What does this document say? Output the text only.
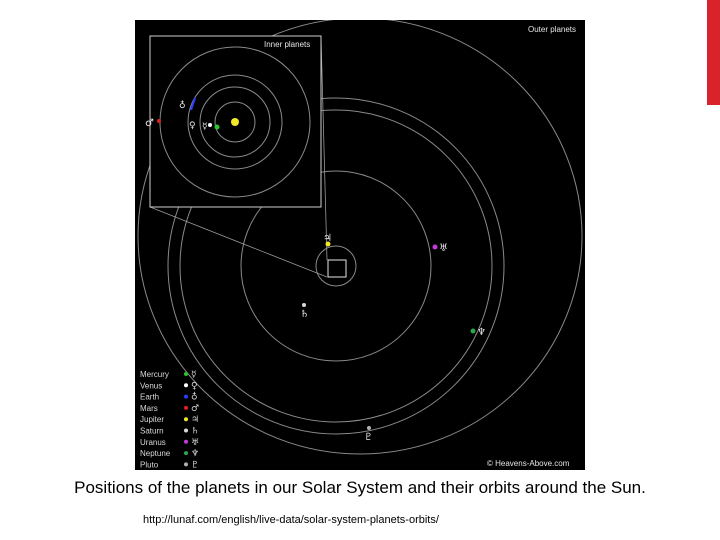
♃
♅
♄
♆
♇
Outer planets
Inner planets
☿
♀
♁
♂
Mercury ☿
Venus	♀
Earth	♁
Mars	♂
Jupiter	♃
Saturn	♄
Uranus	♅
Neptune ♆
Pluto	♇	© Heavens-Above.com
Positions of the planets in our Solar System and their orbits around the Sun.
http://lunaf.com/english/live-data/solar-system-planets-orbits/
